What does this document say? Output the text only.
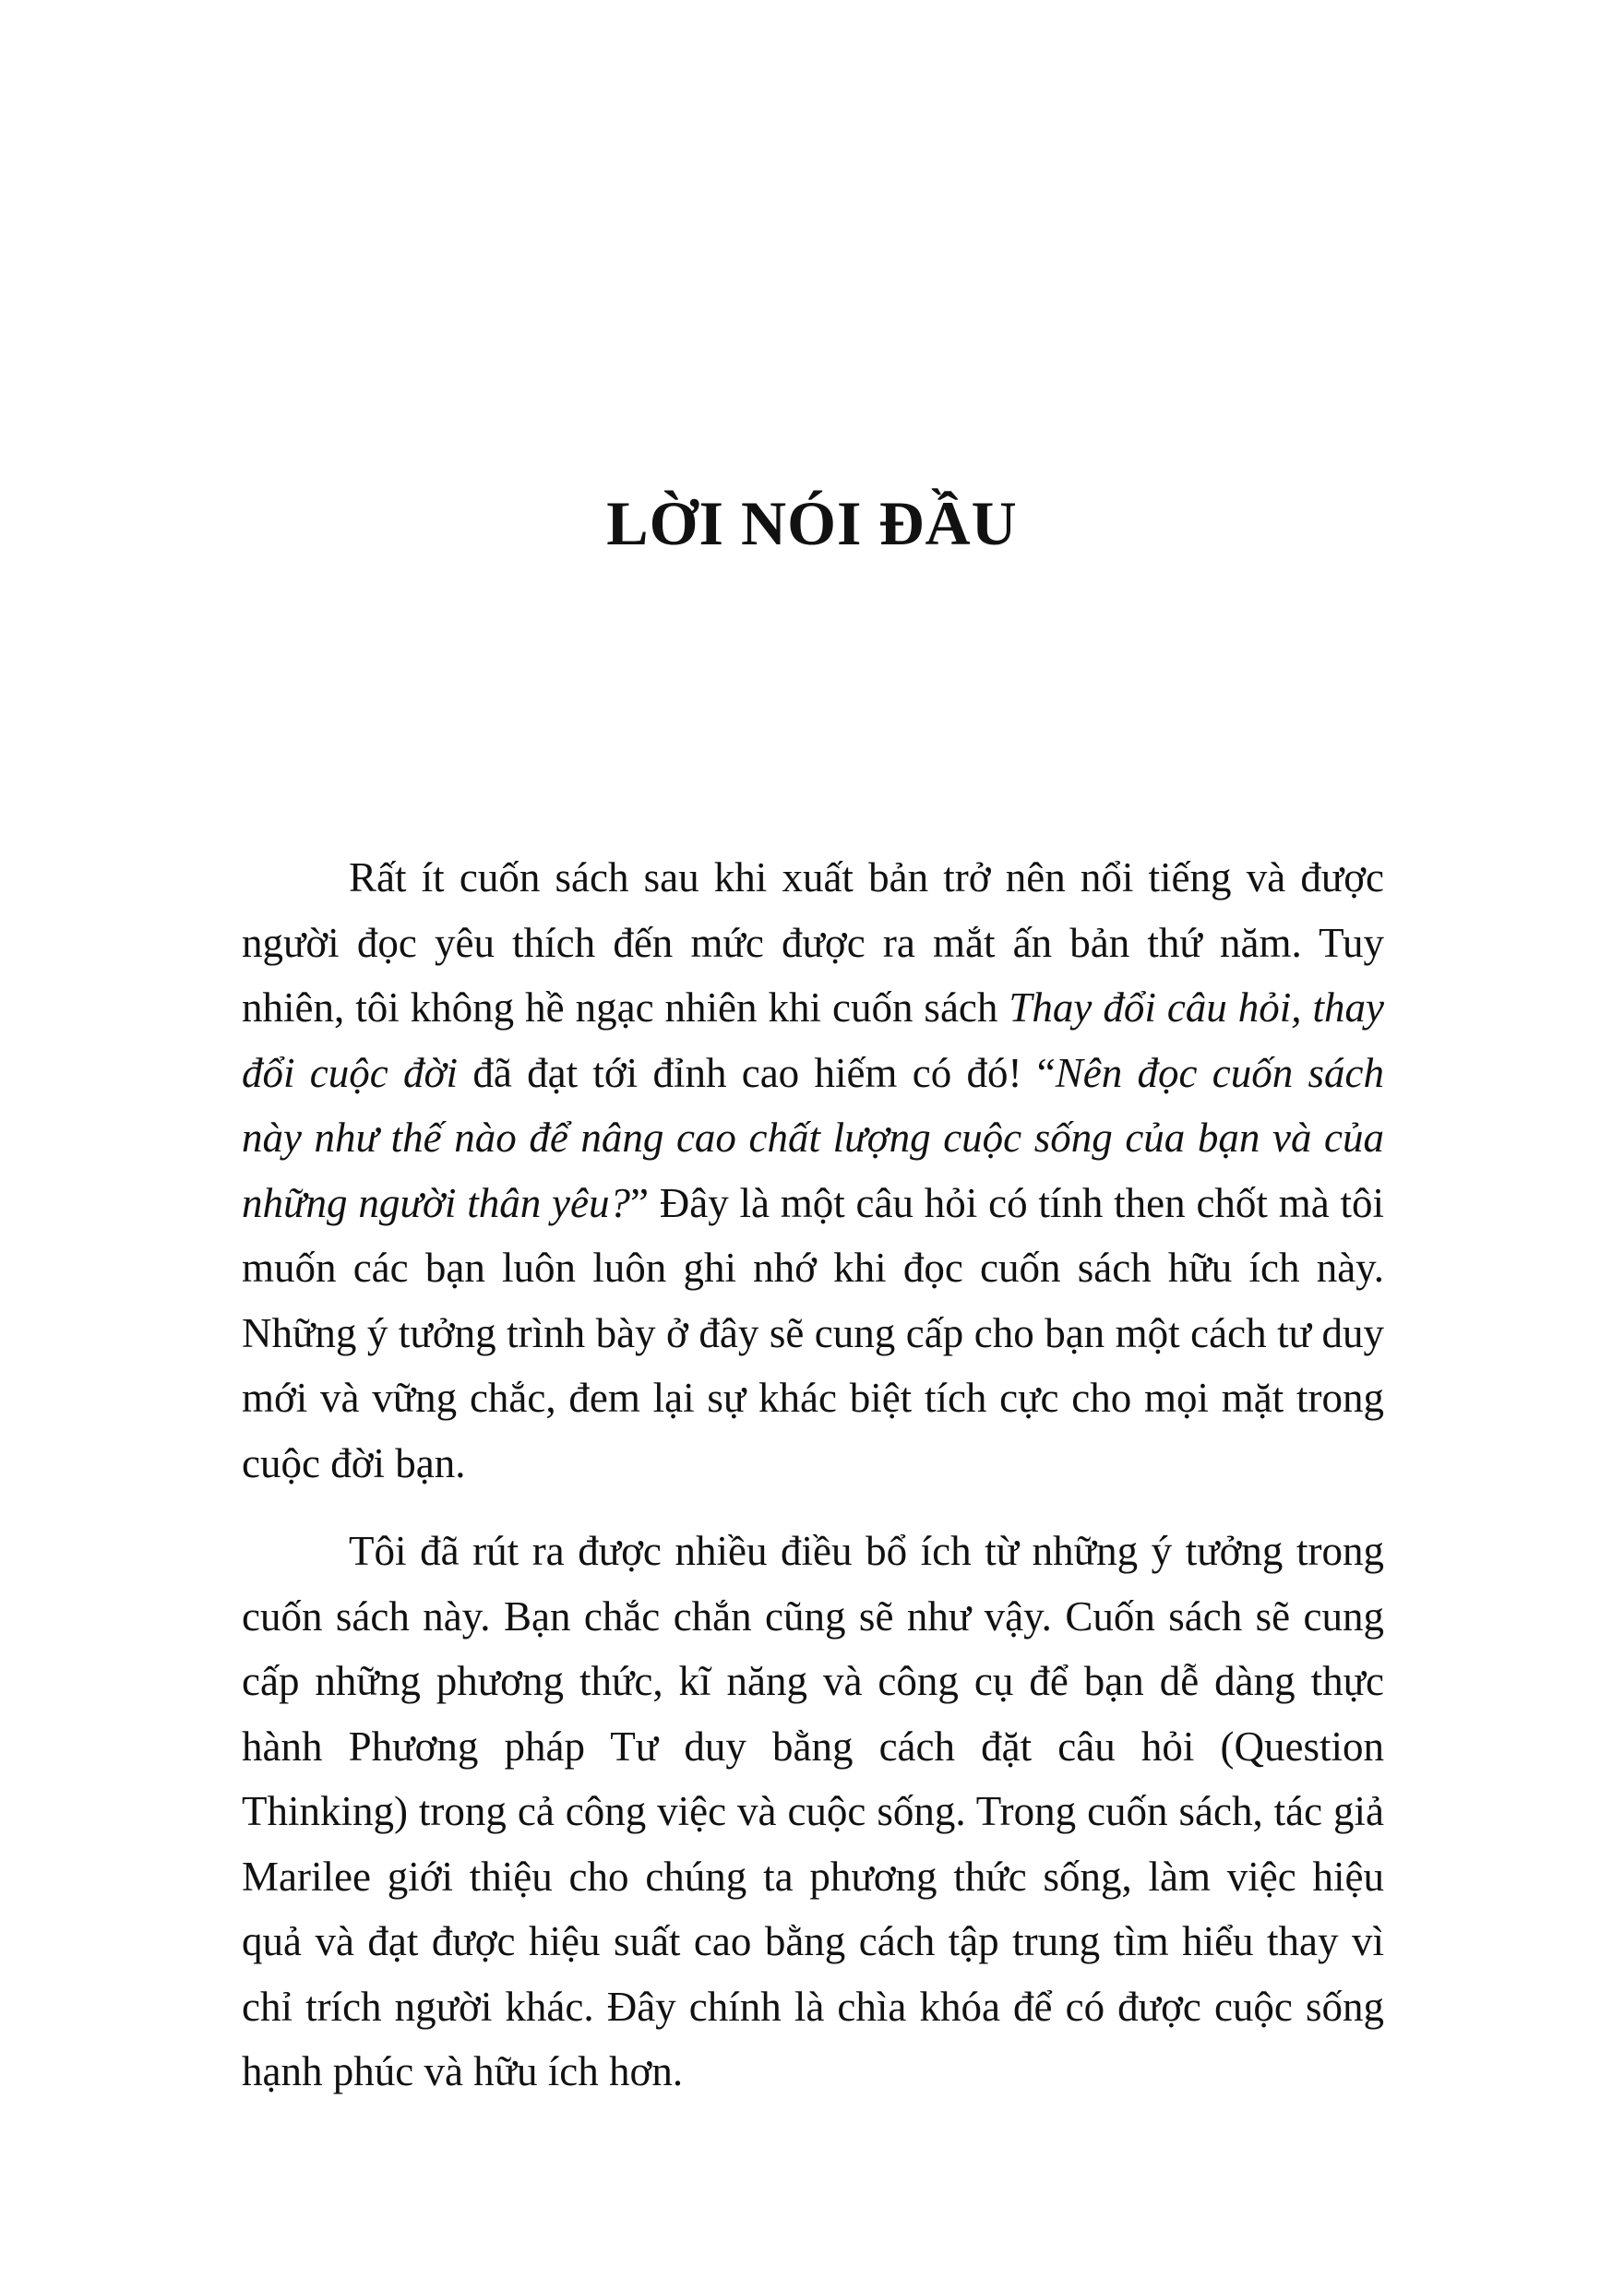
LỜI NÓI ĐẦU

Rất ít cuốn sách sau khi xuất bản trở nên nổi tiếng và được người đọc yêu thích đến mức được ra mắt ấn bản thứ năm. Tuy nhiên, tôi không hề ngạc nhiên khi cuốn sách Thay đổi câu hỏi, thay đổi cuộc đời đã đạt tới đỉnh cao hiếm có đó! “Nên đọc cuốn sách này như thế nào để nâng cao chất lượng cuộc sống của bạn và của những người thân yêu?” Đây là một câu hỏi có tính then chốt mà tôi muốn các bạn luôn luôn ghi nhớ khi đọc cuốn sách hữu ích này. Những ý tưởng trình bày ở đây sẽ cung cấp cho bạn một cách tư duy mới và vững chắc, đem lại sự khác biệt tích cực cho mọi mặt trong cuộc đời bạn.

Tôi đã rút ra được nhiều điều bổ ích từ những ý tưởng trong cuốn sách này. Bạn chắc chắn cũng sẽ như vậy. Cuốn sách sẽ cung cấp những phương thức, kĩ năng và công cụ để bạn dễ dàng thực hành Phương pháp Tư duy bằng cách đặt câu hỏi (Question Thinking) trong cả công việc và cuộc sống. Trong cuốn sách, tác giả Marilee giới thiệu cho chúng ta phương thức sống, làm việc hiệu quả và đạt được hiệu suất cao bằng cách tập trung tìm hiểu thay vì chỉ trích người khác. Đây chính là chìa khóa để có được cuộc sống hạnh phúc và hữu ích hơn.
